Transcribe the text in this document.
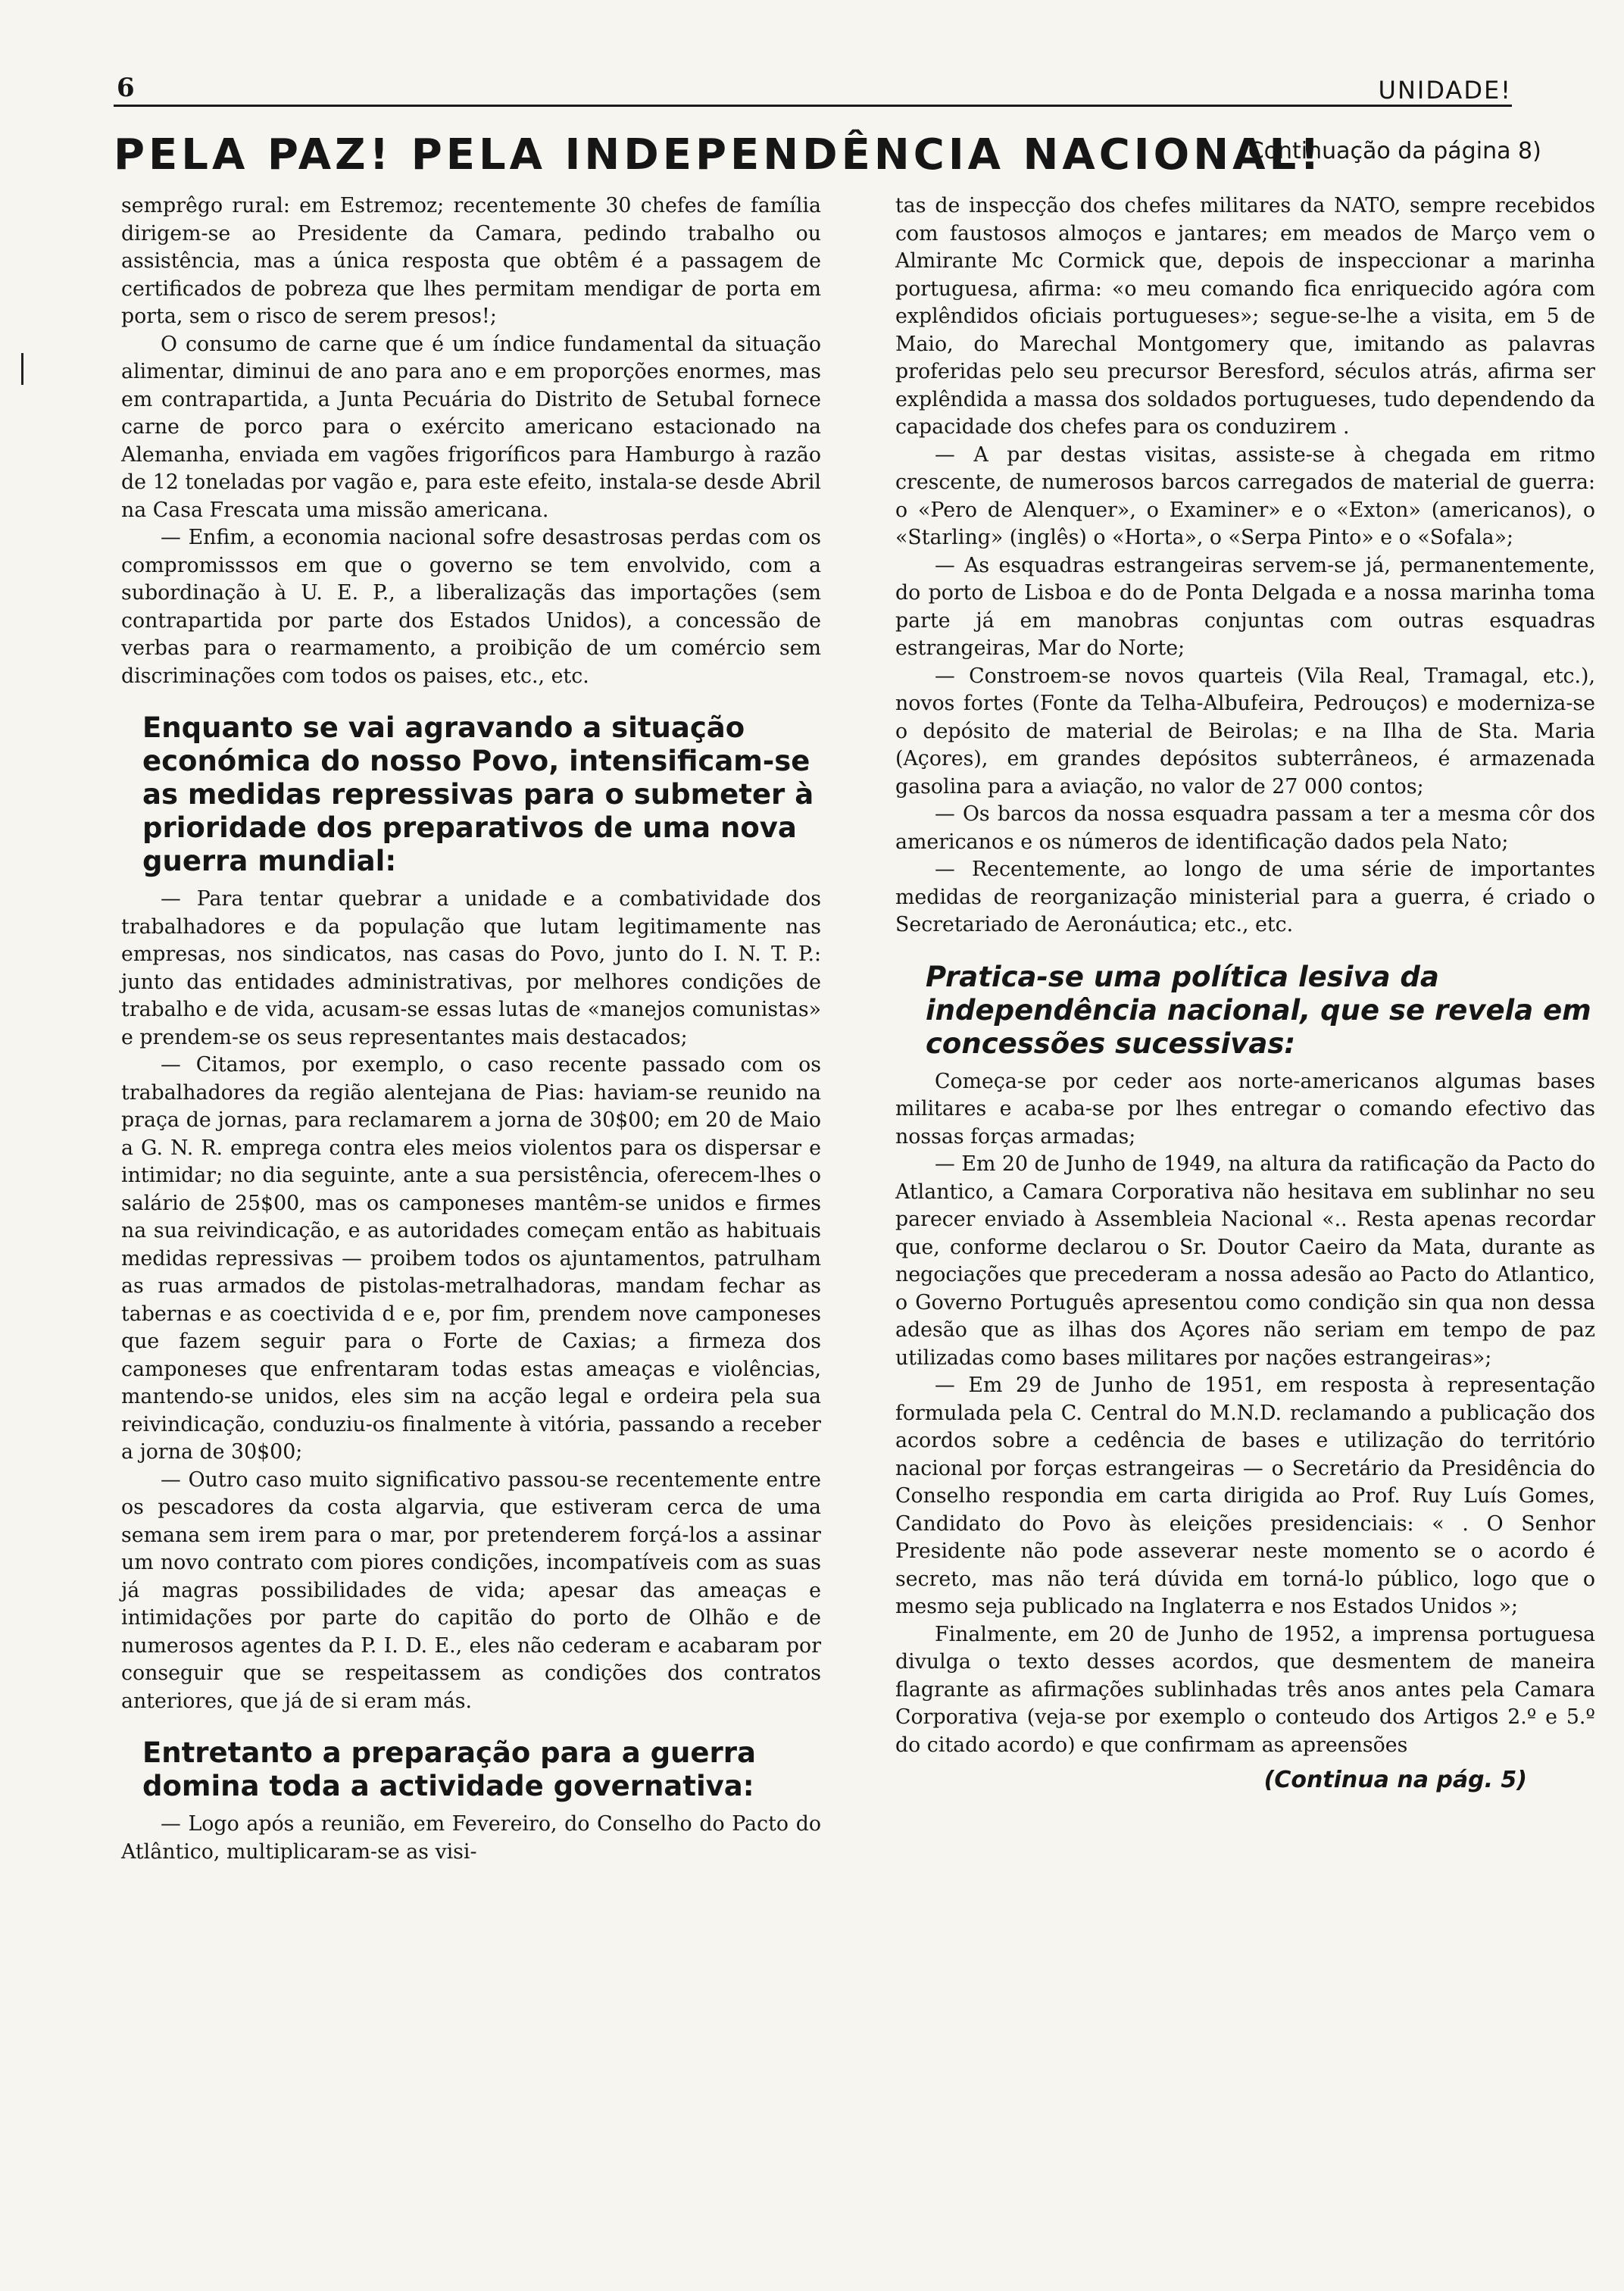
6	UNIDADE!
PELA PAZ! PELA INDEPENDÊNCIA NACIONAL!
(Continuação da página 8)

semprêgo rural: em Estremoz; recentemente 30 chefes de família dirigem-se ao Presidente da Camara, pedindo trabalho ou assistência, mas a única resposta que obtêm é a passagem de certificados de pobreza que lhes permitam mendigar de porta em porta, sem o risco de serem presos!;

O consumo de carne que é um índice fundamental da situação alimentar, diminui de ano para ano e em proporções enormes, mas em contrapartida, a Junta Pecuária do Distrito de Setubal fornece carne de porco para o exército americano estacionado na Alemanha, enviada em vagões frigoríficos para Hamburgo à razão de 12 toneladas por vagão e, para este efeito, instala-se desde Abril na Casa Frescata uma missão americana.

— Enfim, a economia nacional sofre desastrosas perdas com os compromisssos em que o governo se tem envolvido, com a subordinação à U. E. P., a liberalizaçãs das importações (sem contrapartida por parte dos Estados Unidos), a concessão de verbas para o rearmamento, a proibição de um comércio sem discriminações com todos os paises, etc., etc.

Enquanto se vai agravando a situação económica do nosso Povo, intensificam-se as medidas repressivas para o submeter à prioridade dos preparativos de uma nova guerra mundial:

— Para tentar quebrar a unidade e a combatividade dos trabalhadores e da população que lutam legitimamente nas empresas, nos sindicatos, nas casas do Povo, junto do I. N. T. P.: junto das entidades administrativas, por melhores condições de trabalho e de vida, acusam-se essas lutas de «manejos comunistas» e prendem-se os seus representantes mais destacados;

— Citamos, por exemplo, o caso recente passado com os trabalhadores da região alentejana de Pias: haviam-se reunido na praça de jornas, para reclamarem a jorna de 30$00; em 20 de Maio a G. N. R. emprega contra eles meios violentos para os dispersar e intimidar; no dia seguinte, ante a sua persistência, oferecem-lhes o salário de 25$00, mas os camponeses mantêm-se unidos e firmes na sua reivindicação, e as autoridades começam então as habituais medidas repressivas — proibem todos os ajuntamentos, patrulham as ruas armados de pistolas-metralhadoras, mandam fechar as tabernas e as coectivida d e e, por fim, prendem nove camponeses que fazem seguir para o Forte de Caxias; a firmeza dos camponeses que enfrentaram todas estas ameaças e violências, mantendo-se unidos, eles sim na acção legal e ordeira pela sua reivindicação, conduziu-os finalmente à vitória, passando a receber a jorna de 30$00;

— Outro caso muito significativo passou-se recentemente entre os pescadores da costa algarvia, que estiveram cerca de uma semana sem irem para o mar, por pretenderem forçá-los a assinar um novo contrato com piores condições, incompatíveis com as suas já magras possibilidades de vida; apesar das ameaças e intimidações por parte do capitão do porto de Olhão e de numerosos agentes da P. I. D. E., eles não cederam e acabaram por conseguir que se respeitassem as condições dos contratos anteriores, que já de si eram más.

Entretanto a preparação para a guerra domina toda a actividade governativa:

— Logo após a reunião, em Fevereiro, do Conselho do Pacto do Atlântico, multiplicaram-se as visi-

tas de inspecção dos chefes militares da NATO, sempre recebidos com faustosos almoços e jantares; em meados de Março vem o Almirante Mc Cormick que, depois de inspeccionar a marinha portuguesa, afirma: «o meu comando fica enriquecido agóra com explêndidos oficiais portugueses»; segue-se-lhe a visita, em 5 de Maio, do Marechal Montgomery que, imitando as palavras proferidas pelo seu precursor Beresford, séculos atrás, afirma ser explêndida a massa dos soldados portugueses, tudo dependendo da capacidade dos chefes para os conduzirem .

— A par destas visitas, assiste-se à chegada em ritmo crescente, de numerosos barcos carregados de material de guerra: o «Pero de Alenquer», o Examiner» e o «Exton» (americanos), o «Starling» (inglês) o «Horta», o «Serpa Pinto» e o «Sofala»;

— As esquadras estrangeiras servem-se já, permanentemente, do porto de Lisboa e do de Ponta Delgada e a nossa marinha toma parte já em manobras conjuntas com outras esquadras estrangeiras, Mar do Norte;

— Constroem-se novos quarteis (Vila Real, Tramagal, etc.), novos fortes (Fonte da Telha-Albufeira, Pedrouços) e moderniza-se o depósito de material de Beirolas; e na Ilha de Sta. Maria (Açores), em grandes depósitos subterrâneos, é armazenada gasolina para a aviação, no valor de 27 000 contos;

— Os barcos da nossa esquadra passam a ter a mesma côr dos americanos e os números de identificação dados pela Nato;

— Recentemente, ao longo de uma série de importantes medidas de reorganização ministerial para a guerra, é criado o Secretariado de Aeronáutica; etc., etc.

Pratica-se uma política lesiva da independência nacional, que se revela em concessões sucessivas:

Começa-se por ceder aos norte-americanos algumas bases militares e acaba-se por lhes entregar o comando efectivo das nossas forças armadas;

— Em 20 de Junho de 1949, na altura da ratificação da Pacto do Atlantico, a Camara Corporativa não hesitava em sublinhar no seu parecer enviado à Assembleia Nacional «.. Resta apenas recordar que, conforme declarou o Sr. Doutor Caeiro da Mata, durante as negociações que precederam a nossa adesão ao Pacto do Atlantico, o Governo Português apresentou como condição sin qua non dessa adesão que as ilhas dos Açores não seriam em tempo de paz utilizadas como bases militares por nações estrangeiras»;

— Em 29 de Junho de 1951, em resposta à representação formulada pela C. Central do M.N.D. reclamando a publicação dos acordos sobre a cedência de bases e utilização do território nacional por forças estrangeiras — o Secretário da Presidência do Conselho respondia em carta dirigida ao Prof. Ruy Luís Gomes, Candidato do Povo às eleições presidenciais: « . O Senhor Presidente não pode asseverar neste momento se o acordo é secreto, mas não terá dúvida em torná-lo público, logo que o mesmo seja publicado na Inglaterra e nos Estados Unidos »;

Finalmente, em 20 de Junho de 1952, a imprensa portuguesa divulga o texto desses acordos, que desmentem de maneira flagrante as afirmações sublinhadas três anos antes pela Camara Corporativa (veja-se por exemplo o conteudo dos Artigos 2.º e 5.º do citado acordo) e que confirmam as apreensões

(Continua na pág. 5)
